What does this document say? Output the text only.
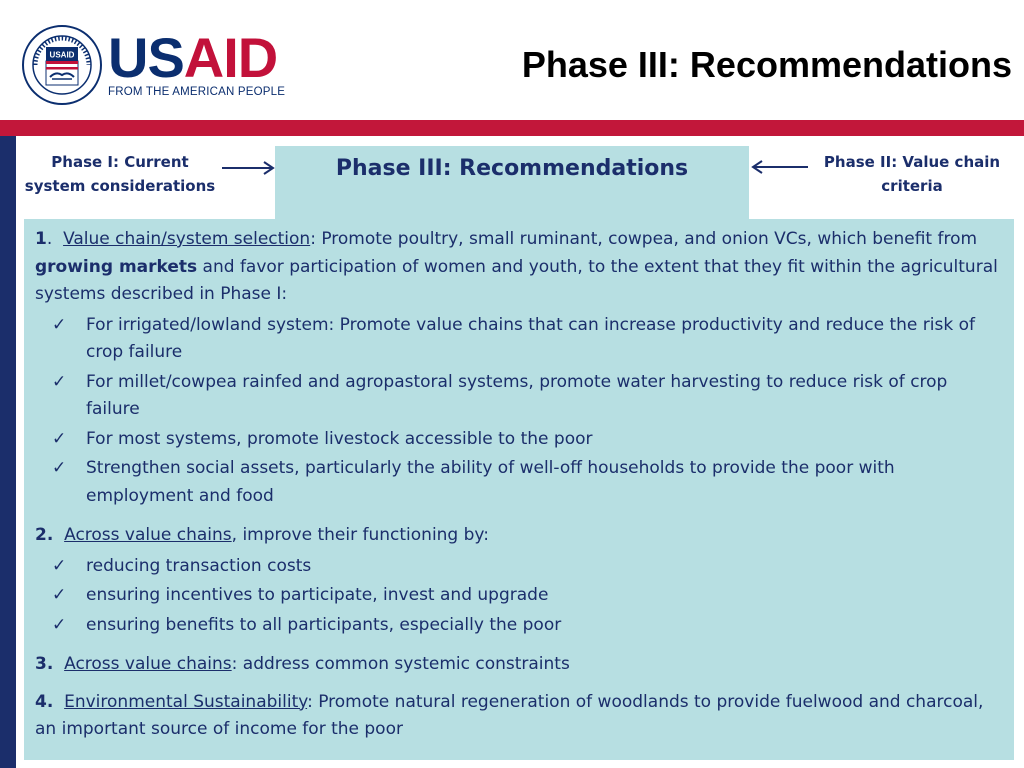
USAID USAID
FROM THE AMERICAN PEOPLE
Phase III: Recommendations
Phase I: Current system considerations
Phase III: Recommendations	Phase II: Value chain criteria

1.  Value chain/system selection: Promote poultry, small ruminant, cowpea, and onion VCs, which benefit from growing markets and favor participation of women and youth, to the extent that they fit within the agricultural systems described in Phase I:

✓ For irrigated/lowland system: Promote value chains that can increase productivity and reduce the risk of crop failure
✓ For millet/cowpea rainfed and agropastoral systems, promote water harvesting to reduce risk of crop failure
✓ For most systems, promote livestock accessible to the poor
✓ Strengthen social assets, particularly the ability of well-off households to provide the poor with employment and food

2. Across value chains, improve their functioning by:

✓ reducing transaction costs
✓ ensuring incentives to participate, invest and upgrade
✓ ensuring benefits to all participants, especially the poor

3. Across value chains: address common systemic constraints

4. Environmental Sustainability: Promote natural regeneration of woodlands to provide fuelwood and charcoal, an important source of income for the poor
